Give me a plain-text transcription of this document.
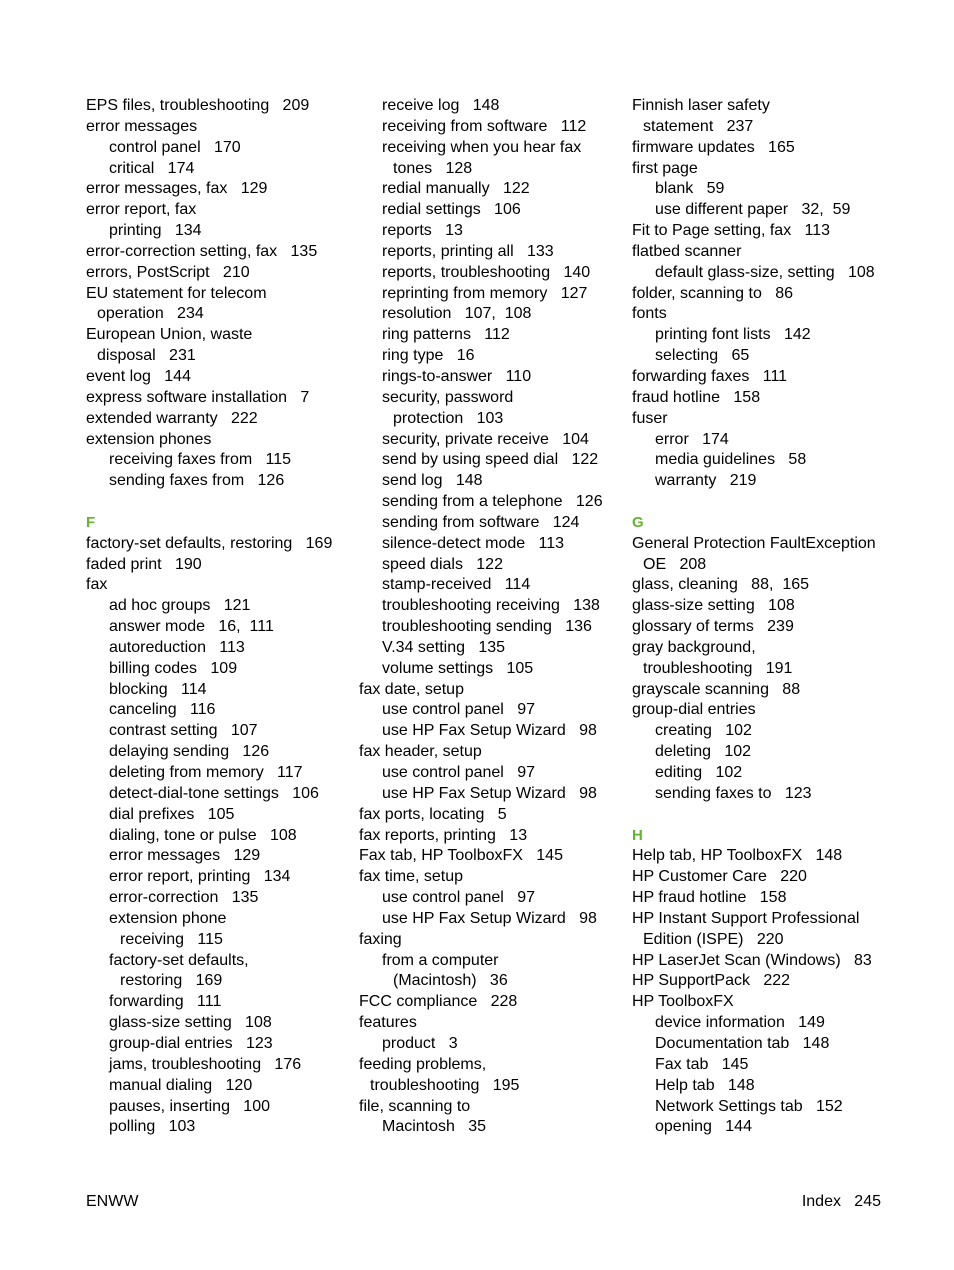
EPS files, troubleshooting   209
error messages
control panel   170
critical   174
error messages, fax   129
error report, fax
printing   134
error-correction setting, fax   135
errors, PostScript   210
EU statement for telecom
operation   234
European Union, waste
disposal   231
event log   144
express software installation   7
extended warranty   222
extension phones
receiving faxes from   115
sending faxes from   126
F
factory-set defaults, restoring   169
faded print   190
fax
ad hoc groups   121
answer mode   16,  111
autoreduction   113
billing codes   109
blocking   114
canceling   116
contrast setting   107
delaying sending   126
deleting from memory   117
detect-dial-tone settings   106
dial prefixes   105
dialing, tone or pulse   108
error messages   129
error report, printing   134
error-correction   135
extension phone
receiving   115
factory-set defaults,
restoring   169
forwarding   111
glass-size setting   108
group-dial entries   123
jams, troubleshooting   176
manual dialing   120
pauses, inserting   100
polling   103
receive log   148
receiving from software   112
receiving when you hear fax
tones   128
redial manually   122
redial settings   106
reports   13
reports, printing all   133
reports, troubleshooting   140
reprinting from memory   127
resolution   107,  108
ring patterns   112
ring type   16
rings-to-answer   110
security, password
protection   103
security, private receive   104
send by using speed dial   122
send log   148
sending from a telephone   126
sending from software   124
silence-detect mode   113
speed dials   122
stamp-received   114
troubleshooting receiving   138
troubleshooting sending   136
V.34 setting   135
volume settings   105
fax date, setup
use control panel   97
use HP Fax Setup Wizard   98
fax header, setup
use control panel   97
use HP Fax Setup Wizard   98
fax ports, locating   5
fax reports, printing   13
Fax tab, HP ToolboxFX   145
fax time, setup
use control panel   97
use HP Fax Setup Wizard   98
faxing
from a computer
(Macintosh)   36
FCC compliance   228
features
product   3
feeding problems,
troubleshooting   195
file, scanning to
Macintosh   35
Finnish laser safety
statement   237
firmware updates   165
first page
blank   59
use different paper   32,  59
Fit to Page setting, fax   113
flatbed scanner
default glass-size, setting   108
folder, scanning to   86
fonts
printing font lists   142
selecting   65
forwarding faxes   111
fraud hotline   158
fuser
error   174
media guidelines   58
warranty   219
G
General Protection FaultException
OE   208
glass, cleaning   88,  165
glass-size setting   108
glossary of terms   239
gray background,
troubleshooting   191
grayscale scanning   88
group-dial entries
creating   102
deleting   102
editing   102
sending faxes to   123
H
Help tab, HP ToolboxFX   148
HP Customer Care   220
HP fraud hotline   158
HP Instant Support Professional
Edition (ISPE)   220
HP LaserJet Scan (Windows)   83
HP SupportPack   222
HP ToolboxFX
device information   149
Documentation tab   148
Fax tab   145
Help tab   148
Network Settings tab   152
opening   144
ENWW	Index   245
